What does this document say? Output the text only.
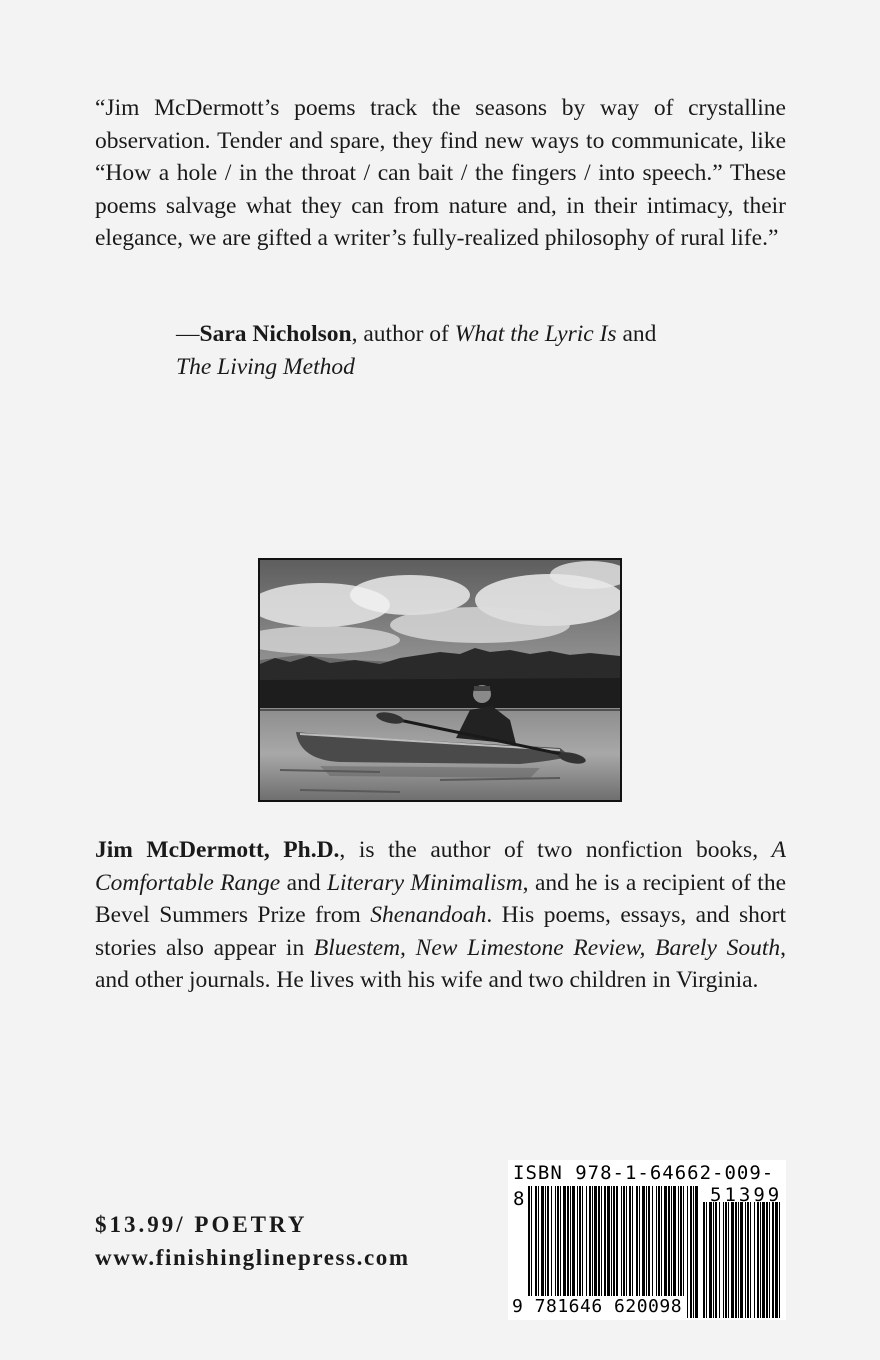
“Jim McDermott’s poems track the seasons by way of crystalline observation. Tender and spare, they find new ways to communicate, like “How a hole / in the throat / can bait / the fingers / into speech.” These poems salvage what they can from nature and, in their intimacy, their elegance, we are gifted a writer’s fully-realized philosophy of rural life.”

—Sara Nicholson, author of What the Lyric Is and
The Living Method

Jim McDermott, Ph.D., is the author of two nonfiction books, A Comfortable Range and Literary Minimalism, and he is a recipient of the Bevel Summers Prize from Shenandoah. His poems, essays, and short stories also appear in Bluestem, New Limestone Review, Barely South, and other journals. He lives with his wife and two children in Virginia.

$13.99/ POETRY
www.finishinglinepress.com
ISBN 978-1-64662-009-8	51399
9 781646 620098
